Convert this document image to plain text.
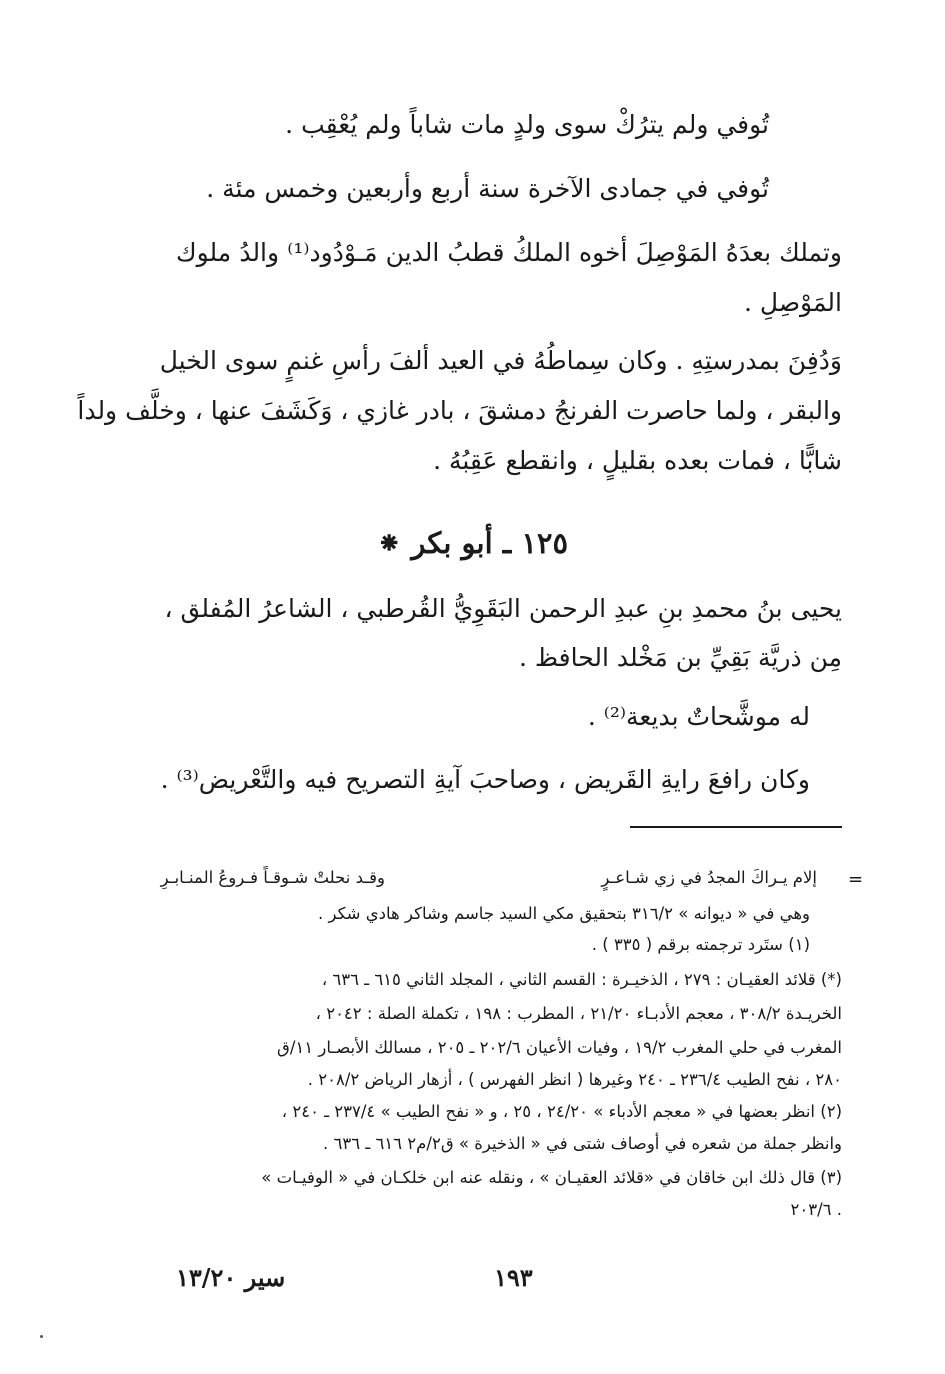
تُوفي ولم يترُكْ سوى ولدٍ مات شاباً ولم يُعْقِب .
تُوفي في جمادى الآخرة سنة أربع وأربعين وخمس مئة .
وتملك بعدَهُ المَوْصِلَ أخوه الملكُ قطبُ الدين مَـوْدُود⁽¹⁾ والدُ ملوك
المَوْصِلِ .
وَدُفِنَ بمدرستِهِ . وكان سِماطُهُ في العيد ألفَ رأسِ غنمٍ سوى الخيل
والبقر ، ولما حاصرت الفرنجُ دمشقَ ، بادر غازي ، وَكَشَفَ عنها ، وخلَّف ولداً
شابًّا ، فمات بعده بقليلٍ ، وانقطع عَقِبُهُ .
١٢٥ ـ أبو بكر ⁕
يحيى بنُ محمدِ بنِ عبدِ الرحمن البَقَوِيُّ القُرطبي ، الشاعرُ المُفلق ،
مِن ذريَّة بَقِيِّ بن مَخْلد الحافظ .
له موشَّحاتٌ بديعة⁽²⁾ .
وكان رافعَ رايةِ القَريض ، وصاحبَ آيةِ التصريح فيه والتَّعْريض⁽³⁾ .
=
إلام يـراكَ المجدُ في زي شـاعـرٍ
وقـد نحلتْ شـوقـاً فـروعُ المنـابـرِ
وهي في « ديوانه » ٣١٦/٢ بتحقيق مكي السيد جاسم وشاكر هادي شكر .
(١) ستَرد ترجمته برقم ( ٣٣٥ ) .
(*) قلائد العقيـان : ٢٧٩ ، الذخيـرة : القسم الثاني ، المجلد الثاني ٦١٥ ـ ٦٣٦ ،
الخريـدة ٣٠٨/٢ ، معجم الأدبـاء ٢١/٢٠ ، المطرب : ١٩٨ ، تكملة الصلة : ٢٠٤٢ ،
المغرب في حلي المغرب ١٩/٢ ، وفيات الأعيان ٢٠٢/٦ ـ ٢٠٥ ، مسالك الأبصـار ١١/ق
٢٨٠ ، نفح الطيب ٢٣٦/٤ ـ ٢٤٠ وغيرها ( انظر الفهرس ) ، أزهار الرياض ٢٠٨/٢ .
(٢) انظر بعضها في « معجم الأدباء » ٢٤/٢٠ ، ٢٥ ، و « نفح الطيب » ٢٣٧/٤ ـ ٢٤٠ ،
وانظر جملة من شعره في أوصاف شتى في « الذخيرة » ق٢/م٢ ٦١٦ ـ ٦٣٦ .
(٣) قال ذلك ابن خاقان في «قلائد العقيـان » ، ونقله عنه ابن خلكـان في « الوفيـات »
٢٠٣/٦ .
١٩٣
سير ١٣/٢٠
